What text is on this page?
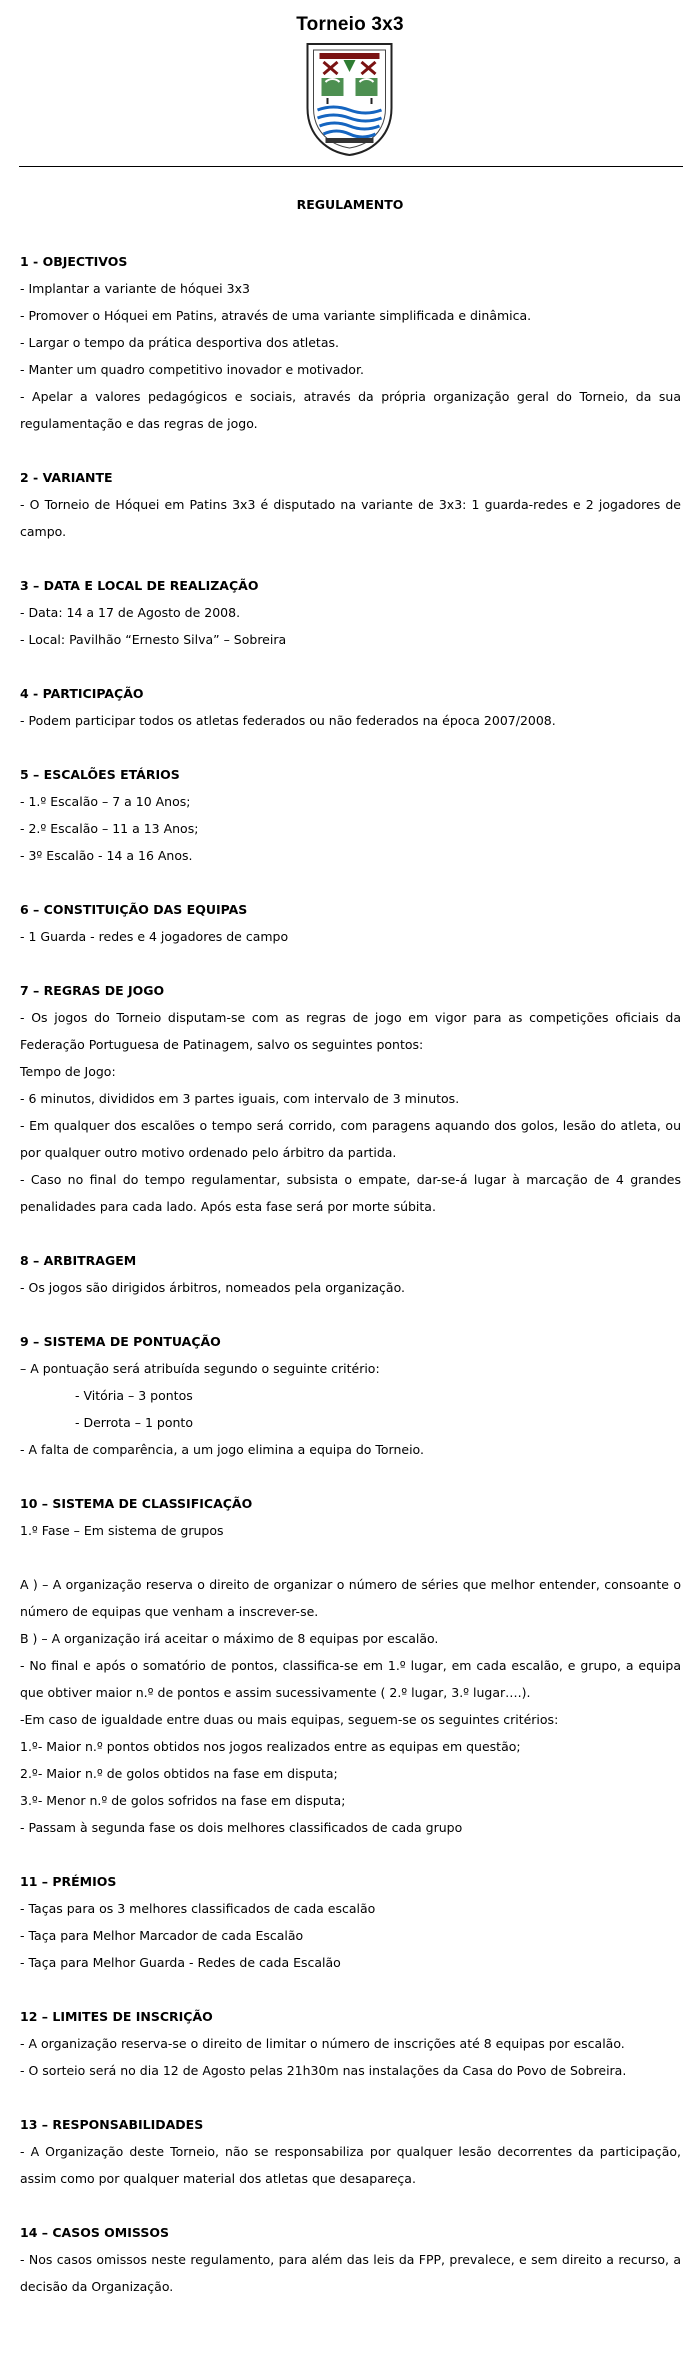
Torneio 3x3
REGULAMENTO
1 - OBJECTIVOS
- Implantar a variante de hóquei 3x3
- Promover o Hóquei em Patins, através de uma variante simplificada e dinâmica.
- Largar o tempo da prática desportiva dos atletas.
- Manter um quadro competitivo inovador e motivador.
- Apelar a valores pedagógicos e sociais, através da própria organização geral do Torneio, da sua regulamentação e das regras de jogo.
2 - VARIANTE
- O Torneio de Hóquei em Patins 3x3 é disputado na variante de 3x3: 1 guarda-redes e 2 jogadores de campo.
3 – DATA E LOCAL DE REALIZAÇÃO
- Data: 14 a 17 de Agosto de 2008.
- Local: Pavilhão “Ernesto Silva” – Sobreira
4 - PARTICIPAÇÃO
- Podem participar todos os atletas federados ou não federados na época 2007/2008.
5 – ESCALÕES ETÁRIOS
- 1.º Escalão – 7 a 10 Anos;
- 2.º Escalão – 11 a 13 Anos;
- 3º Escalão - 14 a 16 Anos.
6 – CONSTITUIÇÃO DAS EQUIPAS
- 1 Guarda - redes e 4 jogadores de campo
7 – REGRAS DE JOGO
- Os jogos do Torneio disputam-se com as regras de jogo em vigor para as competições oficiais da Federação Portuguesa de Patinagem, salvo os seguintes pontos:
Tempo de Jogo:
- 6 minutos, divididos em 3 partes iguais, com intervalo de 3 minutos.
- Em qualquer dos escalões o tempo será corrido, com paragens aquando dos golos, lesão do atleta, ou por qualquer outro motivo ordenado pelo árbitro da partida.
- Caso no final do tempo regulamentar, subsista o empate, dar-se-á lugar à marcação de 4 grandes penalidades para cada lado. Após esta fase será por morte súbita.
8 – ARBITRAGEM
- Os jogos são dirigidos árbitros, nomeados pela organização.
9 – SISTEMA DE PONTUAÇÃO
– A pontuação será atribuída segundo o seguinte critério:
- Vitória – 3 pontos
- Derrota – 1 ponto
- A falta de comparência, a um jogo elimina a equipa do Torneio.
10 – SISTEMA DE CLASSIFICAÇÃO
1.º Fase – Em sistema de grupos
A ) – A organização reserva o direito de organizar o número de séries que melhor entender, consoante o número de equipas que venham a inscrever-se.
B ) – A organização irá aceitar o máximo de 8 equipas por escalão.
- No final e após o somatório de pontos, classifica-se em 1.º lugar, em cada escalão, e grupo, a equipa que obtiver maior n.º de pontos e assim sucessivamente ( 2.º lugar, 3.º lugar….).
-Em caso de igualdade entre duas ou mais equipas, seguem-se os seguintes critérios:
1.º- Maior n.º pontos obtidos nos jogos realizados entre as equipas em questão;
2.º- Maior n.º de golos obtidos na fase em disputa;
3.º- Menor n.º de golos sofridos na fase em disputa;
- Passam à segunda fase os dois melhores classificados de cada grupo
11 – PRÉMIOS
- Taças para os 3 melhores classificados de cada escalão
- Taça para Melhor Marcador de cada Escalão
- Taça para Melhor Guarda - Redes de cada Escalão
12 – LIMITES DE INSCRIÇÃO
- A organização reserva-se o direito de limitar o número de inscrições até 8 equipas por escalão.
- O sorteio será no dia 12 de Agosto pelas 21h30m nas instalações da Casa do Povo de Sobreira.
13 – RESPONSABILIDADES
- A Organização deste Torneio, não se responsabiliza por qualquer lesão decorrentes da participação, assim como por qualquer material dos atletas que desapareça.
14 – CASOS OMISSOS
- Nos casos omissos neste regulamento, para além das leis da FPP, prevalece, e sem direito a recurso, a decisão da Organização.
